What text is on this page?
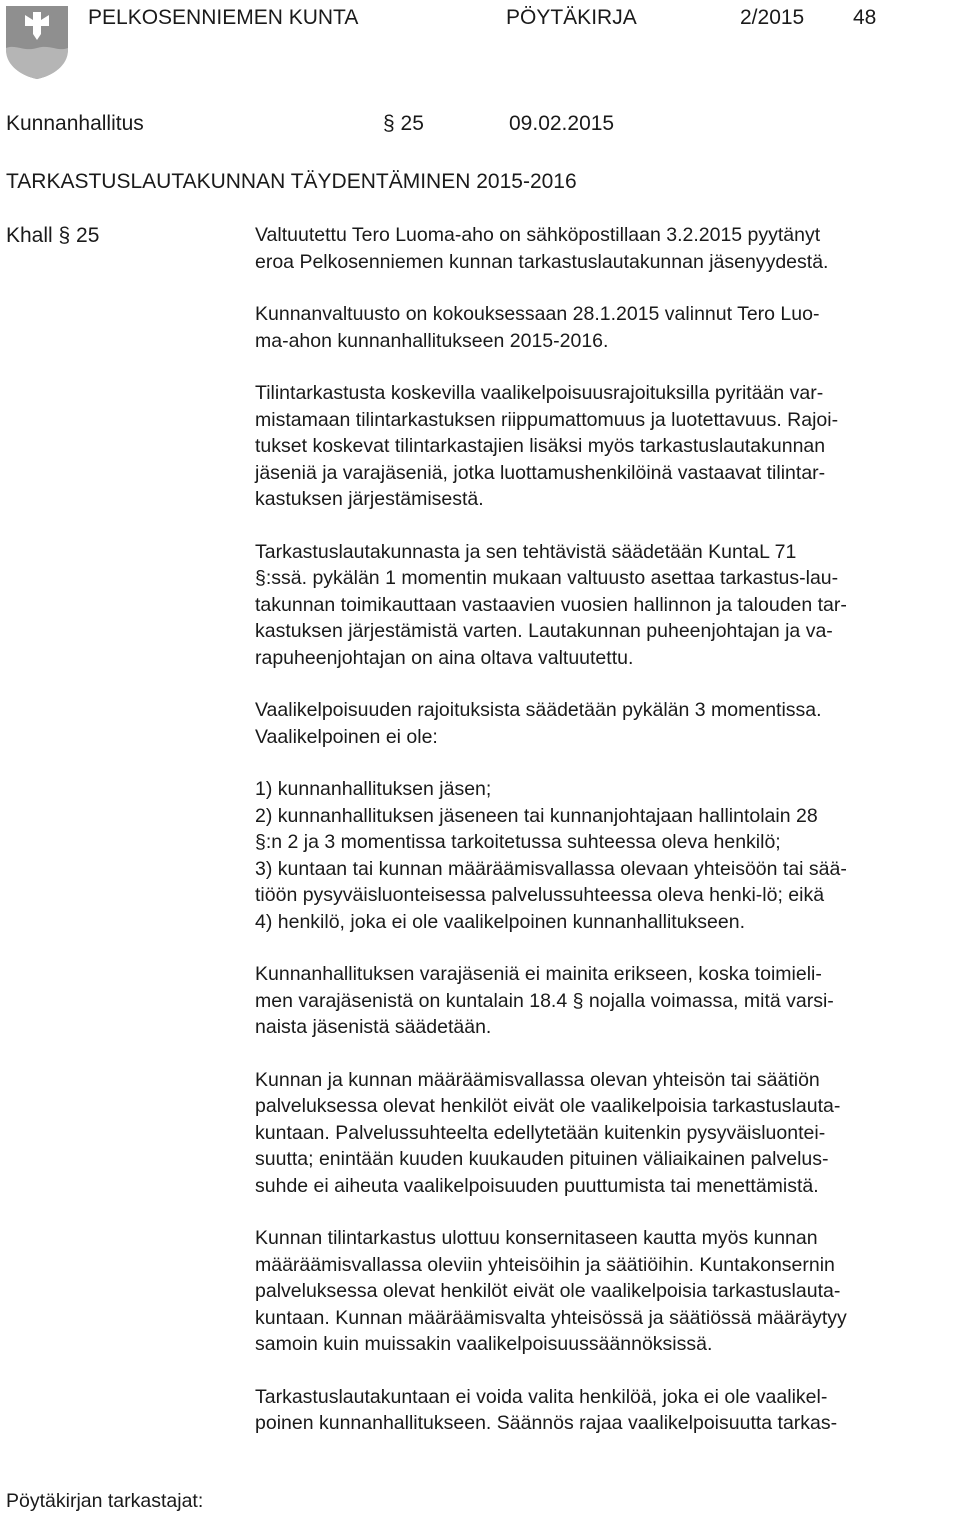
PELKOSENNIEMEN KUNTA	PÖYTÄKIRJA	2/2015 48
Kunnanhallitus	§ 25	09.02.2015
TARKASTUSLAUTAKUNNAN TÄYDENTÄMINEN 2015-2016
Khall § 25	Valtuutettu Tero Luoma-aho on sähköpostillaan 3.2.2015 pyytänyt
eroa Pelkosenniemen kunnan tarkastuslautakunnan jäsenyydestä.

Kunnanvaltuusto on kokouksessaan 28.1.2015 valinnut Tero Luo-
ma-ahon kunnanhallitukseen 2015-2016.

Tilintarkastusta koskevilla vaalikelpoisuusrajoituksilla pyritään var-
mistamaan tilintarkastuksen riippumattomuus ja luotettavuus. Rajoi-
tukset koskevat tilintarkastajien lisäksi myös tarkastuslautakunnan
jäseniä ja varajäseniä, jotka luottamushenkilöinä vastaavat tilintar-
kastuksen järjestämisestä.

Tarkastuslautakunnasta ja sen tehtävistä säädetään KuntaL 71
§:ssä. pykälän 1 momentin mukaan valtuusto asettaa tarkastus-lau-
takunnan toimikauttaan vastaavien vuosien hallinnon ja talouden tar-
kastuksen järjestämistä varten. Lautakunnan puheenjohtajan ja va-
rapuheenjohtajan on aina oltava valtuutettu.

Vaalikelpoisuuden rajoituksista säädetään pykälän 3 momentissa.
Vaalikelpoinen ei ole:

1) kunnanhallituksen jäsen;
2) kunnanhallituksen jäseneen tai kunnanjohtajaan hallintolain 28
§:n 2 ja 3 momentissa tarkoitetussa suhteessa oleva henkilö;
3) kuntaan tai kunnan määräämisvallassa olevaan yhteisöön tai sää-
tiöön pysyväisluonteisessa palvelussuhteessa oleva henki-lö; eikä
4) henkilö, joka ei ole vaalikelpoinen kunnanhallitukseen.

Kunnanhallituksen varajäseniä ei mainita erikseen, koska toimieli-
men varajäsenistä on kuntalain 18.4 § nojalla voimassa, mitä varsi-
naista jäsenistä säädetään.

Kunnan ja kunnan määräämisvallassa olevan yhteisön tai säätiön
palveluksessa olevat henkilöt eivät ole vaalikelpoisia tarkastuslauta-
kuntaan. Palvelussuhteelta edellytetään kuitenkin pysyväisluontei-
suutta; enintään kuuden kuukauden pituinen väliaikainen palvelus-
suhde ei aiheuta vaalikelpoisuuden puuttumista tai menettämistä.

Kunnan tilintarkastus ulottuu konsernitaseen kautta myös kunnan
määräämisvallassa oleviin yhteisöihin ja säätiöihin. Kuntakonsernin
palveluksessa olevat henkilöt eivät ole vaalikelpoisia tarkastuslauta-
kuntaan. Kunnan määräämisvalta yhteisössä ja säätiössä määräytyy
samoin kuin muissakin vaalikelpoisuussäännöksissä.

Tarkastuslautakuntaan ei voida valita henkilöä, joka ei ole vaalikel-
poinen kunnanhallitukseen. Säännös rajaa vaalikelpoisuutta tarkas-

Pöytäkirjan tarkastajat:
